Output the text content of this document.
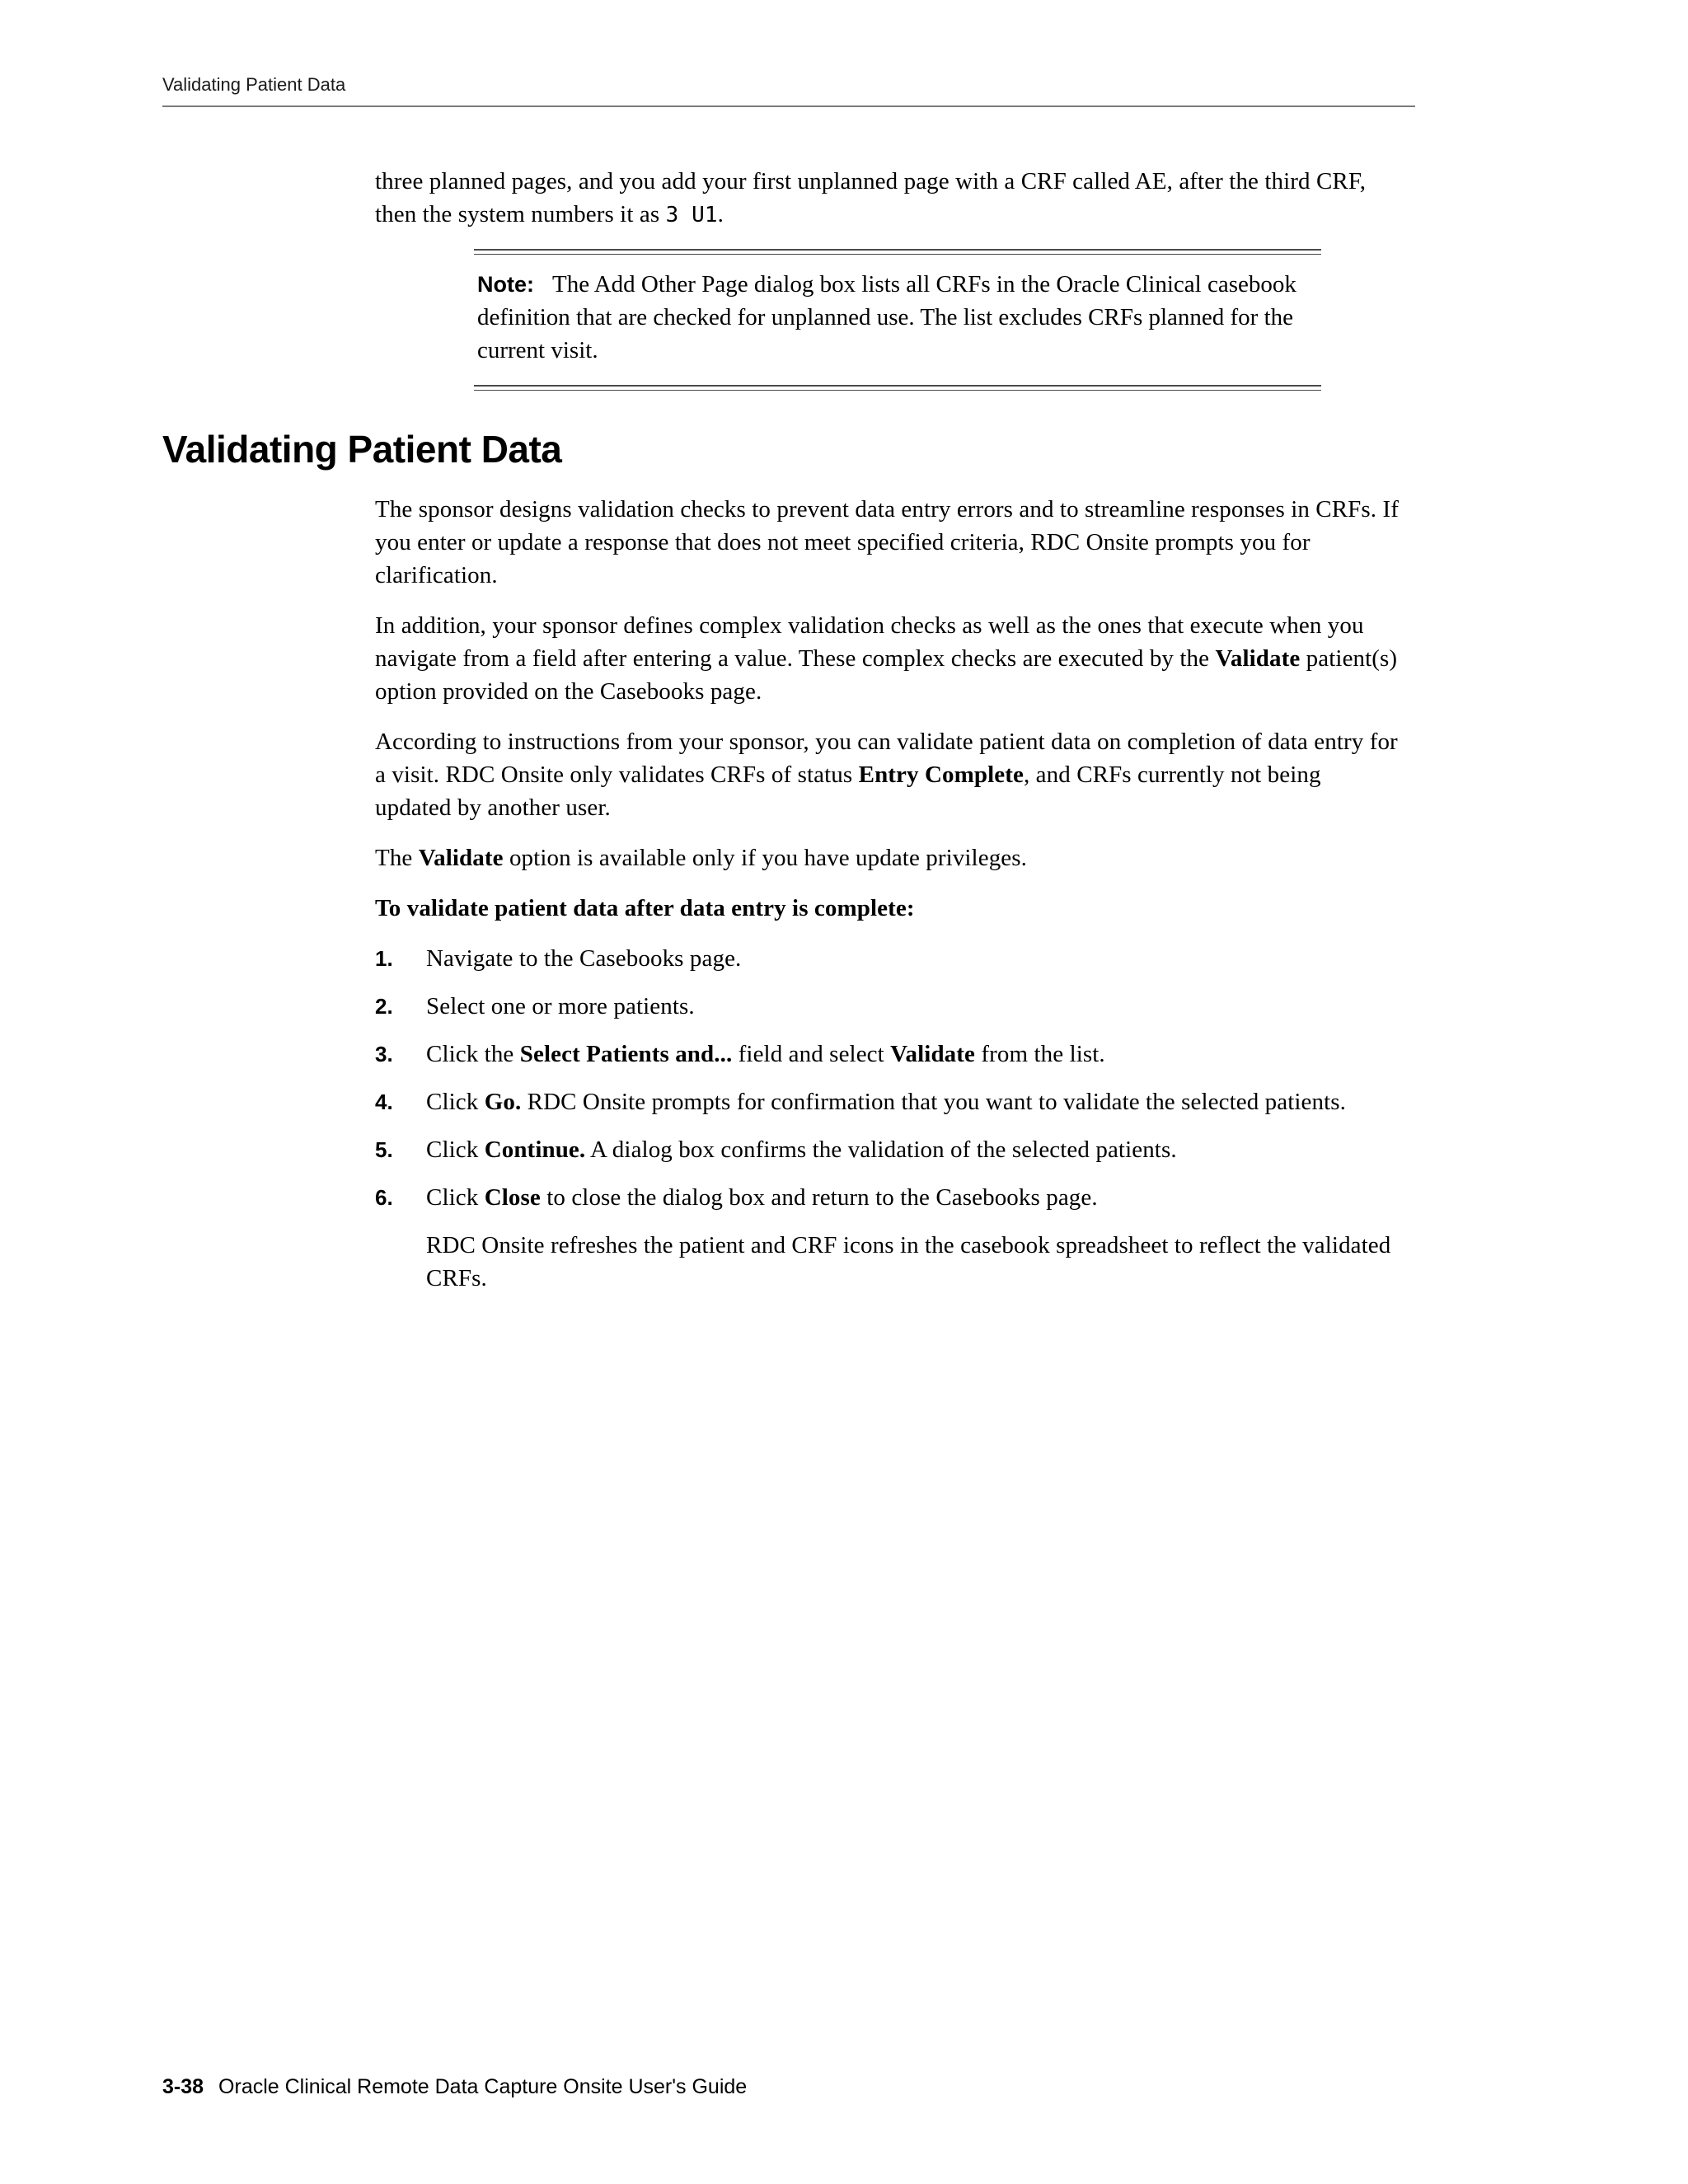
Validating Patient Data

three planned pages, and you add your first unplanned page with a CRF called AE, after the third CRF, then the system numbers it as 3 U1.

Note: The Add Other Page dialog box lists all CRFs in the Oracle Clinical casebook definition that are checked for unplanned use. The list excludes CRFs planned for the current visit.

Validating Patient Data

The sponsor designs validation checks to prevent data entry errors and to streamline responses in CRFs. If you enter or update a response that does not meet specified criteria, RDC Onsite prompts you for clarification.

In addition, your sponsor defines complex validation checks as well as the ones that execute when you navigate from a field after entering a value. These complex checks are executed by the Validate patient(s) option provided on the Casebooks page.

According to instructions from your sponsor, you can validate patient data on completion of data entry for a visit. RDC Onsite only validates CRFs of status Entry Complete, and CRFs currently not being updated by another user.

The Validate option is available only if you have update privileges.

To validate patient data after data entry is complete:

1.	Navigate to the Casebooks page.
2.	Select one or more patients.
3.	Click the Select Patients and... field and select Validate from the list.
4.	Click Go. RDC Onsite prompts for confirmation that you want to validate the selected patients.
5.	Click Continue. A dialog box confirms the validation of the selected patients.
6.	Click Close to close the dialog box and return to the Casebooks page.

RDC Onsite refreshes the patient and CRF icons in the casebook spreadsheet to reflect the validated CRFs.

3-38 Oracle Clinical Remote Data Capture Onsite User's Guide
